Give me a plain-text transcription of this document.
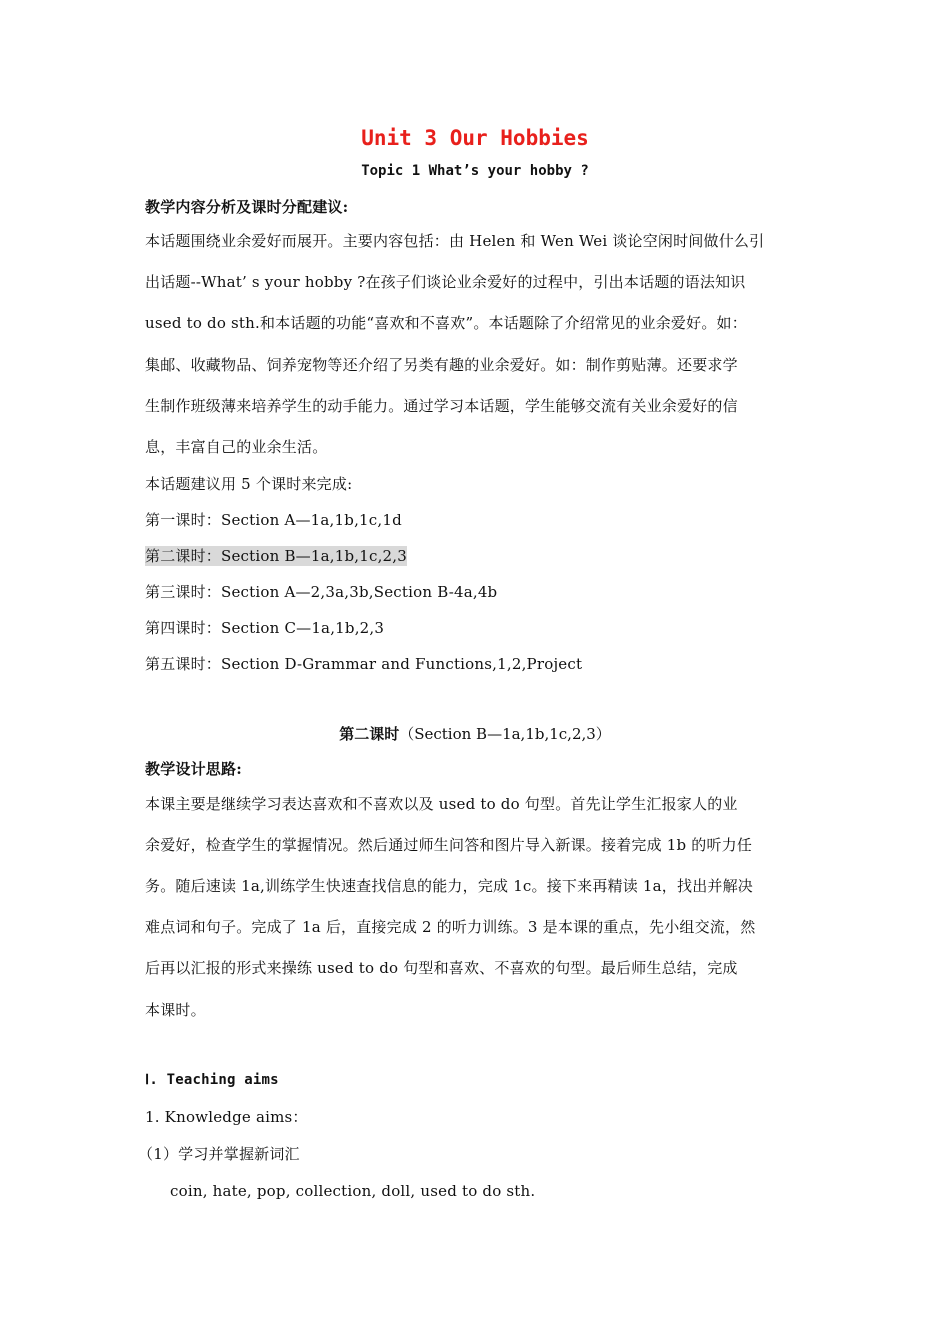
Unit 3 Our Hobbies
Topic 1 What’s your hobby ?
教学内容分析及课时分配建议:
本话题围绕业余爱好而展开。主要内容包括：由 Helen 和 Wen Wei 谈论空闲时间做什么引
出话题--What’ s your hobby ?在孩子们谈论业余爱好的过程中，引出本话题的语法知识
used to do sth.和本话题的功能“喜欢和不喜欢”。本话题除了介绍常见的业余爱好。如：
集邮、收藏物品、饲养宠物等还介绍了另类有趣的业余爱好。如：制作剪贴薄。还要求学
生制作班级薄来培养学生的动手能力。通过学习本话题，学生能够交流有关业余爱好的信
息，丰富自己的业余生活。
本话题建议用 5 个课时来完成:
第一课时：Section A—1a,1b,1c,1d
第二课时：Section B—1a,1b,1c,2,3
第三课时：Section A—2,3a,3b,Section B-4a,4b
第四课时：Section C—1a,1b,2,3
第五课时：Section D-Grammar and Functions,1,2,Project
第二课时（Section B—1a,1b,1c,2,3）
教学设计思路:
本课主要是继续学习表达喜欢和不喜欢以及 used to do 句型。首先让学生汇报家人的业
余爱好，检查学生的掌握情况。然后通过师生问答和图片导入新课。接着完成 1b 的听力任
务。随后速读 1a,训练学生快速查找信息的能力，完成 1c。接下来再精读 1a，找出并解决
难点词和句子。完成了 1a 后，直接完成 2 的听力训练。3 是本课的重点，先小组交流，然
后再以汇报的形式来操练 used to do 句型和喜欢、不喜欢的句型。最后师生总结，完成
本课时。
Ⅰ. Teaching aims
1. Knowledge aims：
（1）学习并掌握新词汇
coin, hate, pop, collection, doll, used to do sth.
